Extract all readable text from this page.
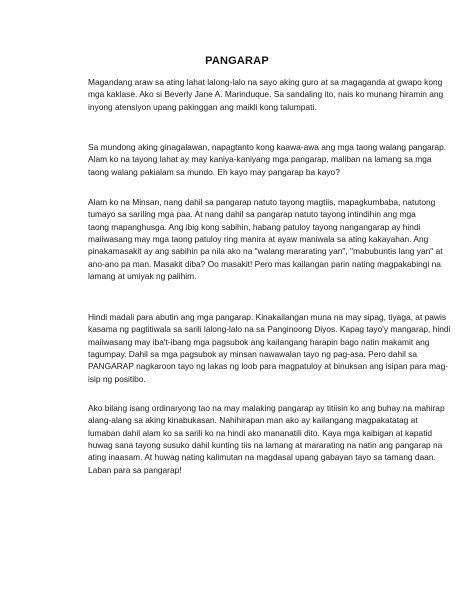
PANGARAP
Magandang araw sa ating lahat lalong-lalo na sayo aking guro at sa magaganda at gwapo kong
mga kaklase. Ako si Beverly Jane A. Marinduque. Sa sandaling ito, nais ko munang hiramin ang
inyong atensiyon upang pakinggan ang maikli kong talumpati.
Sa mundong aking ginagalawan, napagtanto kong kaawa-awa ang mga taong walang pangarap.
Alam ko na tayong lahat ay may kaniya-kaniyang mga pangarap, maliban na lamang sa mga
taong walang pakialam sa mundo. Eh kayo may pangarap ba kayo?
Alam ko na Minsan, nang dahil sa pangarap natuto tayong magtiis, mapagkumbaba, natutong
tumayo sa sariling mga paa. At nang dahil sa pangarap natuto tayong intindihin ang mga
taong mapanghusga. Ang ibig kong sabihin, habang patuloy tayong nangangarap ay hindi
maiiwasang may mga taong patuloy ring manira at ayaw maniwala sa ating kakayahan. Ang
pinakamasakit ay ang sabihin pa nila ako na "walang mararating yan", "mabubuntis lang yan" at
ano-ano pa man. Masakit diba? Oo masakit! Pero mas kailangan parin nating magpakabingi na
lamang at umiyak ng palihim.
Hindi madali para abutin ang mga pangarap. Kinakailangan muna na may sipag, tiyaga, at pawis
kasama ng pagtitiwala sa sarili lalong-lalo na sa Panginoong Diyos. Kapag tayo'y mangarap, hindi
maiiwasang may iba't-ibang mga pagsubok ang kailangang harapin bago natin makamit ang
tagumpay. Dahil sa mga pagsubok ay minsan nawawalan tayo ng pag-asa. Pero dahil sa
PANGARAP nagkaroon tayo ng lakas ng loob para magpatuloy at binuksan ang isipan para mag-
isip ng positibo.
Ako bilang isang ordinaryong tao na may malaking pangarap ay titiisin ko ang buhay na mahirap
alang-alang sa aking kinabukasan. Nahihirapan man ako ay kailangang magpakatatag at
lumaban dahil alam ko sa sarili ko na hindi ako mananatili dito. Kaya mga kaibigan at kapatid
huwag sana tayong susuko dahil kunting tiis na lamang at mararating na natin ang pangarap na
ating inaasam. At huwag nating kalimutan na magdasal upang gabayan tayo sa tamang daan.
Laban para sa pangarap!
